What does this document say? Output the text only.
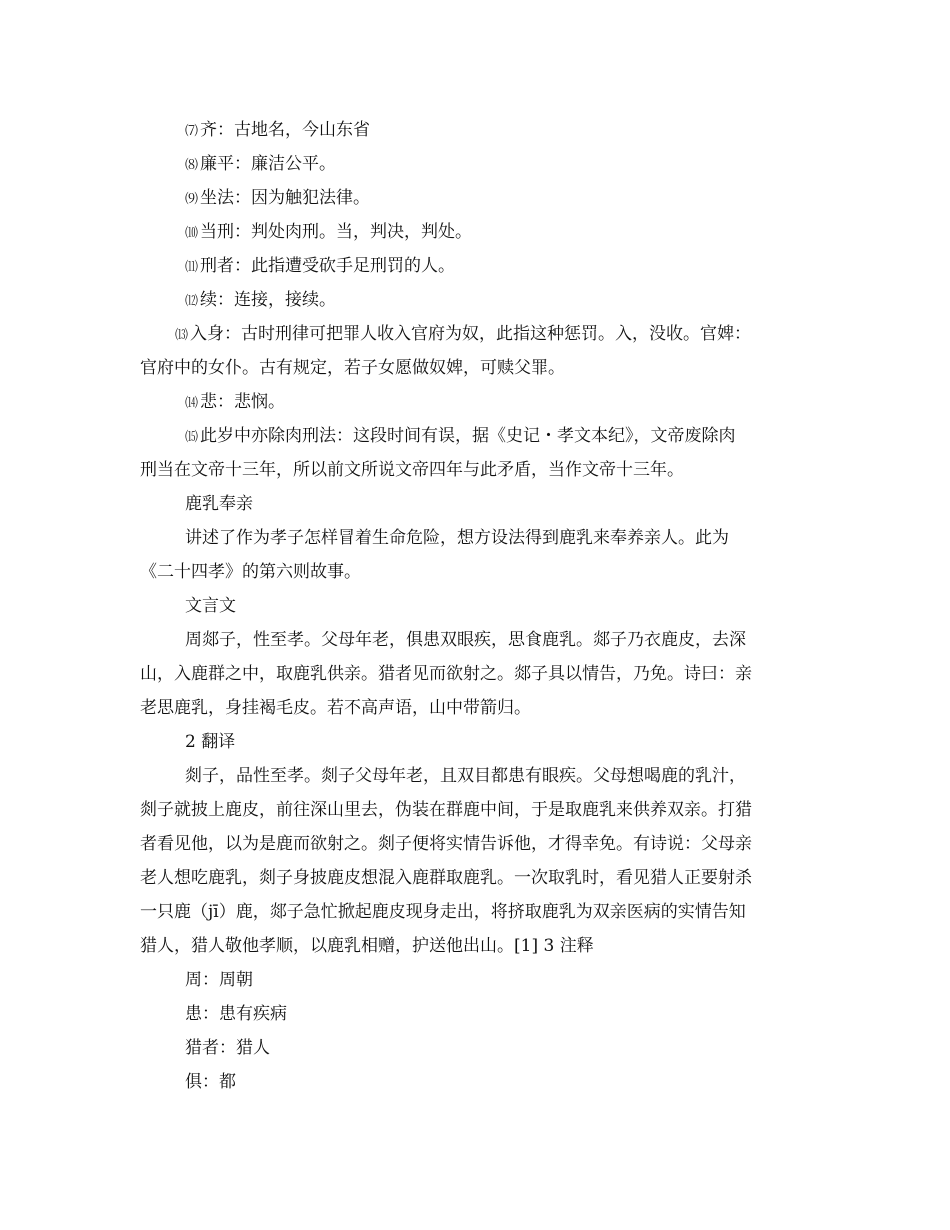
⑺ 齐：古地名，今山东省
⑻ 廉平：廉洁公平。
⑼ 坐法：因为触犯法律。
⑽ 当刑：判处肉刑。当，判决，判处。
⑾ 刑者：此指遭受砍手足刑罚的人。
⑿ 续：连接，接续。
⒀ 入身：古时刑律可把罪人收入官府为奴，此指这种惩罚。入，没收。官婢：
官府中的女仆。古有规定，若子女愿做奴婢，可赎父罪。
⒁ 悲：悲悯。
⒂ 此岁中亦除肉刑法：这段时间有误，据《史记・孝文本纪》，文帝废除肉
刑当在文帝十三年，所以前文所说文帝四年与此矛盾，当作文帝十三年。
鹿乳奉亲
讲述了作为孝子怎样冒着生命危险，想方设法得到鹿乳来奉养亲人。此为
《二十四孝》的第六则故事。
文言文
周郯子，性至孝。父母年老，俱患双眼疾，思食鹿乳。郯子乃衣鹿皮，去深
山，入鹿群之中，取鹿乳供亲。猎者见而欲射之。郯子具以情告，乃免。诗曰：亲
老思鹿乳，身挂褐毛皮。若不高声语，山中带箭归。
2 翻译
剡子，品性至孝。剡子父母年老，且双目都患有眼疾。父母想喝鹿的乳汁，
剡子就披上鹿皮，前往深山里去，伪装在群鹿中间，于是取鹿乳来供养双亲。打猎
者看见他，以为是鹿而欲射之。剡子便将实情告诉他，才得幸免。有诗说：父母亲
老人想吃鹿乳，剡子身披鹿皮想混入鹿群取鹿乳。一次取乳时，看见猎人正要射杀
一只鹿（jī）鹿，郯子急忙掀起鹿皮现身走出，将挤取鹿乳为双亲医病的实情告知
猎人，猎人敬他孝顺，以鹿乳相赠，护送他出山。[1] 3 注释
周：周朝
患：患有疾病
猎者：猎人
俱：都
